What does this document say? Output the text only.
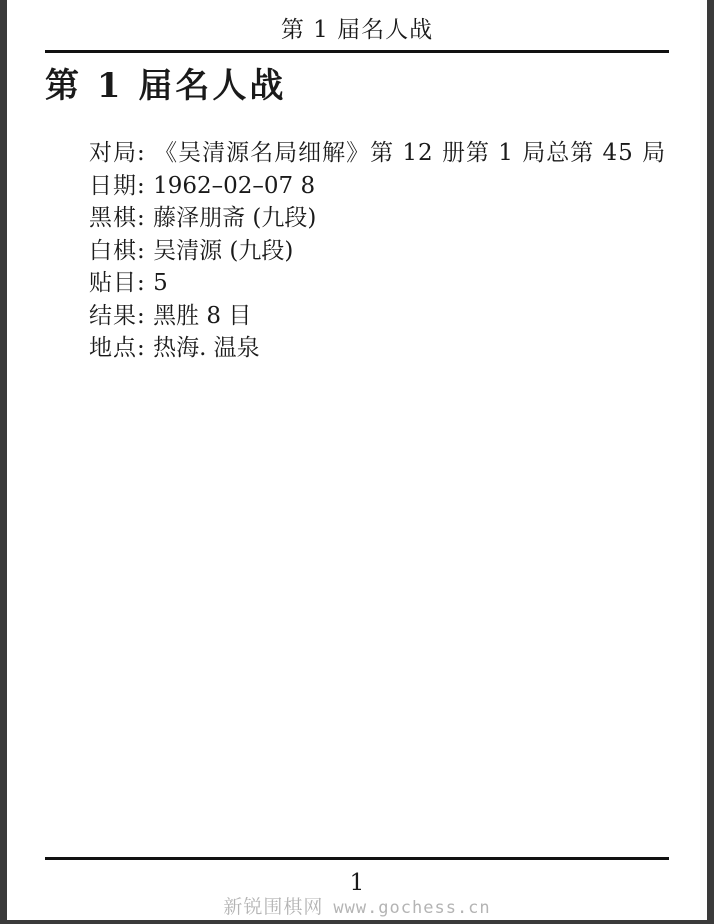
第 1 届名人战
第 1 届名人战
对局: 《吴清源名局细解》第 12 册第 1 局总第 45 局
日期: 1962–02–07 8
黑棋: 藤泽朋斋 (九段)
白棋: 吴清源 (九段)
贴目: 5
结果: 黑胜 8 目
地点: 热海. 温泉
1
新锐围棋网 www.gochess.cn
